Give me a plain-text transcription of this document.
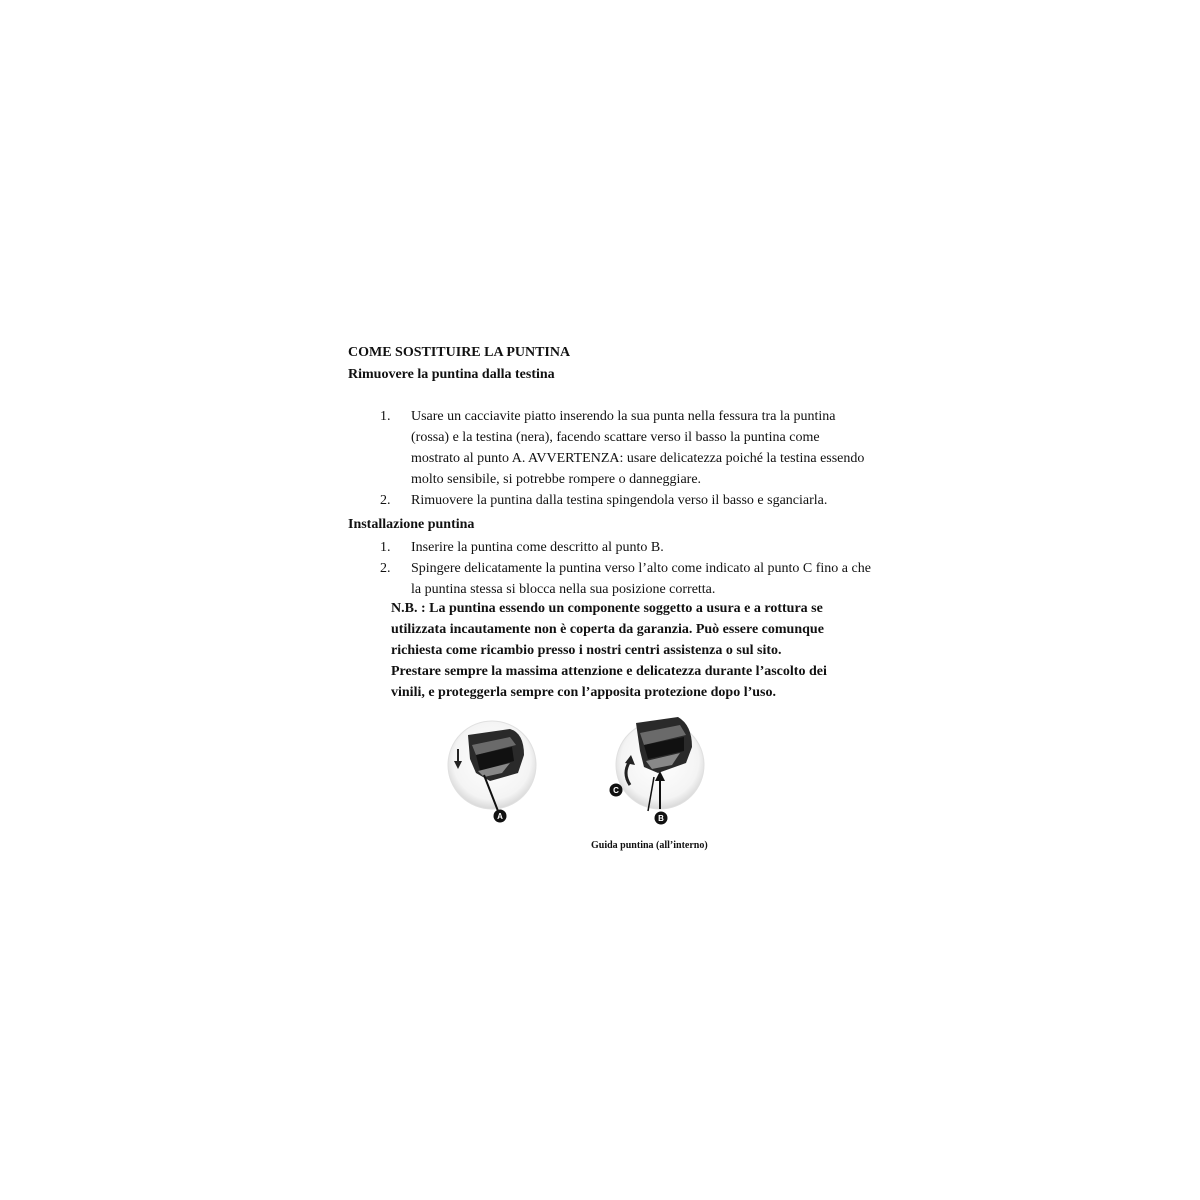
COME SOSTITUIRE LA PUNTINA
Rimuovere la puntina dalla testina
1.	Usare un cacciavite piatto inserendo la sua punta nella fessura tra la puntina (rossa) e la testina (nera), facendo scattare verso il basso la puntina come mostrato al punto A. AVVERTENZA: usare delicatezza poiché la testina essendo molto sensibile, si potrebbe rompere o danneggiare.
2.	Rimuovere la puntina dalla testina spingendola verso il basso e sganciarla.
Installazione puntina
1.	Inserire la puntina come descritto al punto B.
2.	Spingere delicatamente la puntina verso l’alto come indicato al punto C fino a che la puntina stessa si blocca nella sua posizione corretta.
N.B. : La puntina essendo un componente soggetto a usura e a rottura se utilizzata incautamente non è coperta da garanzia. Può essere comunque richiesta come ricambio presso i nostri centri assistenza o sul sito. Prestare sempre la massima attenzione e delicatezza durante l’ascolto dei vinili, e proteggerla sempre con l’apposita protezione dopo l’uso.
A
C
B
Guida puntina (all’interno)
